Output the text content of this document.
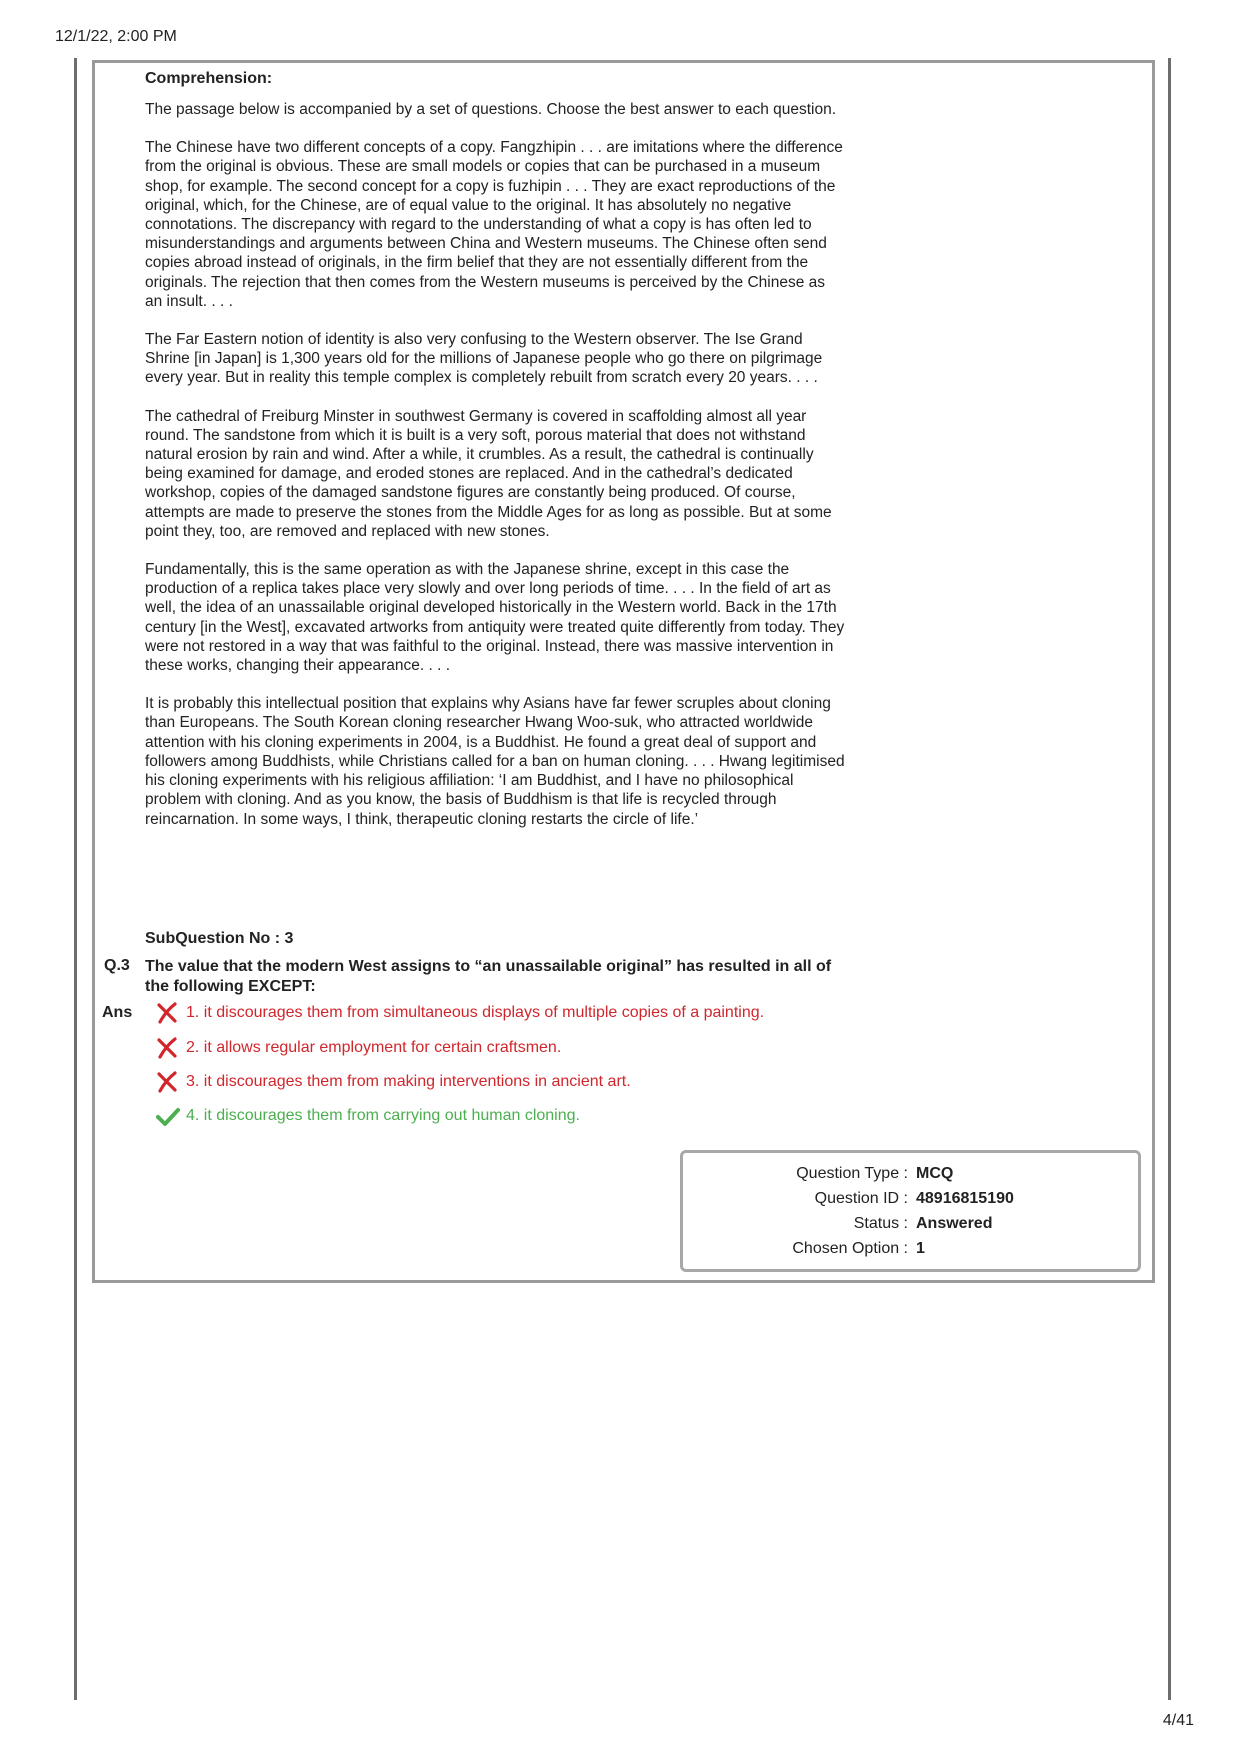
12/1/22, 2:00 PM

Comprehension:

The passage below is accompanied by a set of questions. Choose the best answer to each question.

The Chinese have two different concepts of a copy. Fangzhipin . . . are imitations where the difference from the original is obvious. These are small models or copies that can be purchased in a museum shop, for example. The second concept for a copy is fuzhipin . . . They are exact reproductions of the original, which, for the Chinese, are of equal value to the original. It has absolutely no negative connotations. The discrepancy with regard to the understanding of what a copy is has often led to misunderstandings and arguments between China and Western museums. The Chinese often send copies abroad instead of originals, in the firm belief that they are not essentially different from the originals. The rejection that then comes from the Western museums is perceived by the Chinese as an insult. . . .

The Far Eastern notion of identity is also very confusing to the Western observer. The Ise Grand Shrine [in Japan] is 1,300 years old for the millions of Japanese people who go there on pilgrimage every year. But in reality this temple complex is completely rebuilt from scratch every 20 years. . . .

The cathedral of Freiburg Minster in southwest Germany is covered in scaffolding almost all year round. The sandstone from which it is built is a very soft, porous material that does not withstand natural erosion by rain and wind. After a while, it crumbles. As a result, the cathedral is continually being examined for damage, and eroded stones are replaced. And in the cathedral’s dedicated workshop, copies of the damaged sandstone figures are constantly being produced. Of course, attempts are made to preserve the stones from the Middle Ages for as long as possible. But at some point they, too, are removed and replaced with new stones.

Fundamentally, this is the same operation as with the Japanese shrine, except in this case the production of a replica takes place very slowly and over long periods of time. . . . In the field of art as well, the idea of an unassailable original developed historically in the Western world. Back in the 17th century [in the West], excavated artworks from antiquity were treated quite differently from today. They were not restored in a way that was faithful to the original. Instead, there was massive intervention in these works, changing their appearance. . . .

It is probably this intellectual position that explains why Asians have far fewer scruples about cloning than Europeans. The South Korean cloning researcher Hwang Woo-suk, who attracted worldwide attention with his cloning experiments in 2004, is a Buddhist. He found a great deal of support and followers among Buddhists, while Christians called for a ban on human cloning. . . . Hwang legitimised his cloning experiments with his religious affiliation: ‘I am Buddhist, and I have no philosophical problem with cloning. And as you know, the basis of Buddhism is that life is recycled through reincarnation. In some ways, I think, therapeutic cloning restarts the circle of life.’

SubQuestion No : 3
Q.3 The value that the modern West assigns to “an unassailable original” has resulted in all of the following EXCEPT:
Ans	1. it discourages them from simultaneous displays of multiple copies of a painting.
2. it allows regular employment for certain craftsmen.
3. it discourages them from making interventions in ancient art.
4. it discourages them from carrying out human cloning.
Question Type : MCQ
Question ID : 48916815190
Status : Answered
Chosen Option : 1
4/41
